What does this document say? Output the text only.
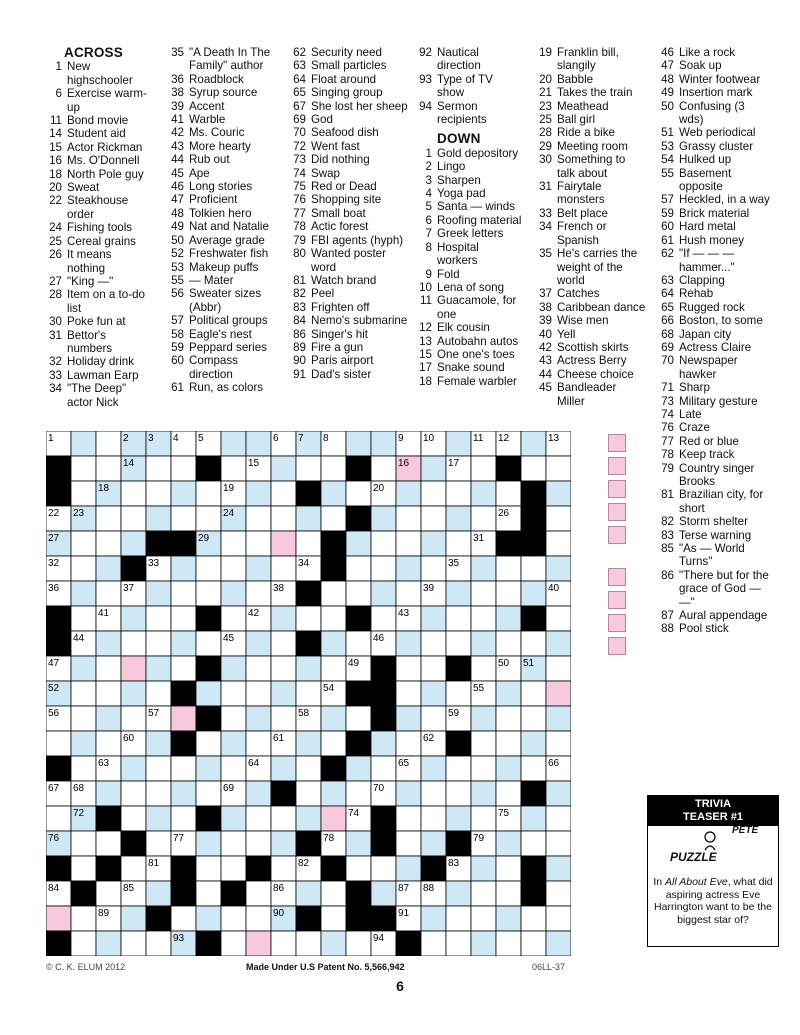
ACROSS
1 New highschooler
6 Exercise warm-up
11 Bond movie
14 Student aid
15 Actor Rickman
16 Ms. O'Donnell
18 North Pole guy
20 Sweat
22 Steakhouse order
24 Fishing tools
25 Cereal grains
26 It means nothing
27 "King —"
28 Item on a to-do list
30 Poke fun at
31 Bettor's numbers
32 Holiday drink
33 Lawman Earp
34 "The Deep" actor Nick
35 "A Death In The Family" author
36 Roadblock
38 Syrup source
39 Accent
41 Warble
42 Ms. Couric
43 More hearty
44 Rub out
45 Ape
46 Long stories
47 Proficient
48 Tolkien hero
49 Nat and Natalie
50 Average grade
52 Freshwater fish
53 Makeup puffs
55 — Mater
56 Sweater sizes (Abbr)
57 Political groups
58 Eagle's nest
59 Peppard series
60 Compass direction
61 Run, as colors
62 Security need
63 Small particles
64 Float around
65 Singing group
67 She lost her sheep
69 God
70 Seafood dish
72 Went fast
73 Did nothing
74 Swap
75 Red or Dead
76 Shopping site
77 Small boat
78 Actic forest
79 FBI agents (hyph)
80 Wanted poster word
81 Watch brand
82 Peel
83 Frighten off
84 Nemo's submarine
86 Singer's hit
89 Fire a gun
90 Paris airport
91 Dad's sister
92 Nautical direction
93 Type of TV show
94 Sermon recipients
DOWN
1 Gold depository
2 Lingo
3 Sharpen
4 Yoga pad
5 Santa — winds
6 Roofing material
7 Greek letters
8 Hospital workers
9 Fold
10 Lena of song
11 Guacamole, for one
12 Elk cousin
13 Autobahn autos
15 One one's toes
17 Snake sound
18 Female warbler
19 Franklin bill, slangily
20 Babble
21 Takes the train
23 Meathead
25 Ball girl
28 Ride a bike
29 Meeting room
30 Something to talk about
31 Fairytale monsters
33 Belt place
34 French or Spanish
35 He's carries the weight of the world
37 Catches
38 Caribbean dance
39 Wise men
40 Yell
42 Scottish skirts
43 Actress Berry
44 Cheese choice
45 Bandleader Miller
46 Like a rock
47 Soak up
48 Winter footwear
49 Insertion mark
50 Confusing (3 wds)
51 Web periodical
53 Grassy cluster
54 Hulked up
55 Basement opposite
57 Heckled, in a way
59 Brick material
60 Hard metal
61 Hush money
62 "If — — — hammer..."
63 Clapping
64 Rehab
65 Rugged rock
66 Boston, to some
68 Japan city
69 Actress Claire
70 Newspaper hawker
71 Sharp
73 Military gesture
74 Late
76 Craze
77 Red or blue
78 Keep track
79 Country singer Brooks
81 Brazilian city, for short
82 Storm shelter
83 Terse warning
85 "As — World Turns"
86 "There but for the grace of God — —"
87 Aural appendage
88 Pool stick
1	2 3 4 5	6 7 8	9 10	11 12	13
14	15	16	17
18	19	20	21
22 23	24	25	26
27	28 29	30	31
32	33	34	35
36	37	38	39	40
41	42	43
44	45	46
47	48	49	50 51
52	53	54	55
56	57	58	59
60	61	62
63	64	65	66
67 68	69	70	71
72	73	74	75
76	77	78	79
80	81	82	83
84	85	86	87 88
89	90	91
92	93	94
TRIVIA
TEASER #1
PUZZLE
PETE
In All About Eve, what did aspiring actress Eve Harrington want to be the biggest star of?
© C. K. ELUM 2012	Made Under U.S Patent No. 5,566,942	06LL-37
6
